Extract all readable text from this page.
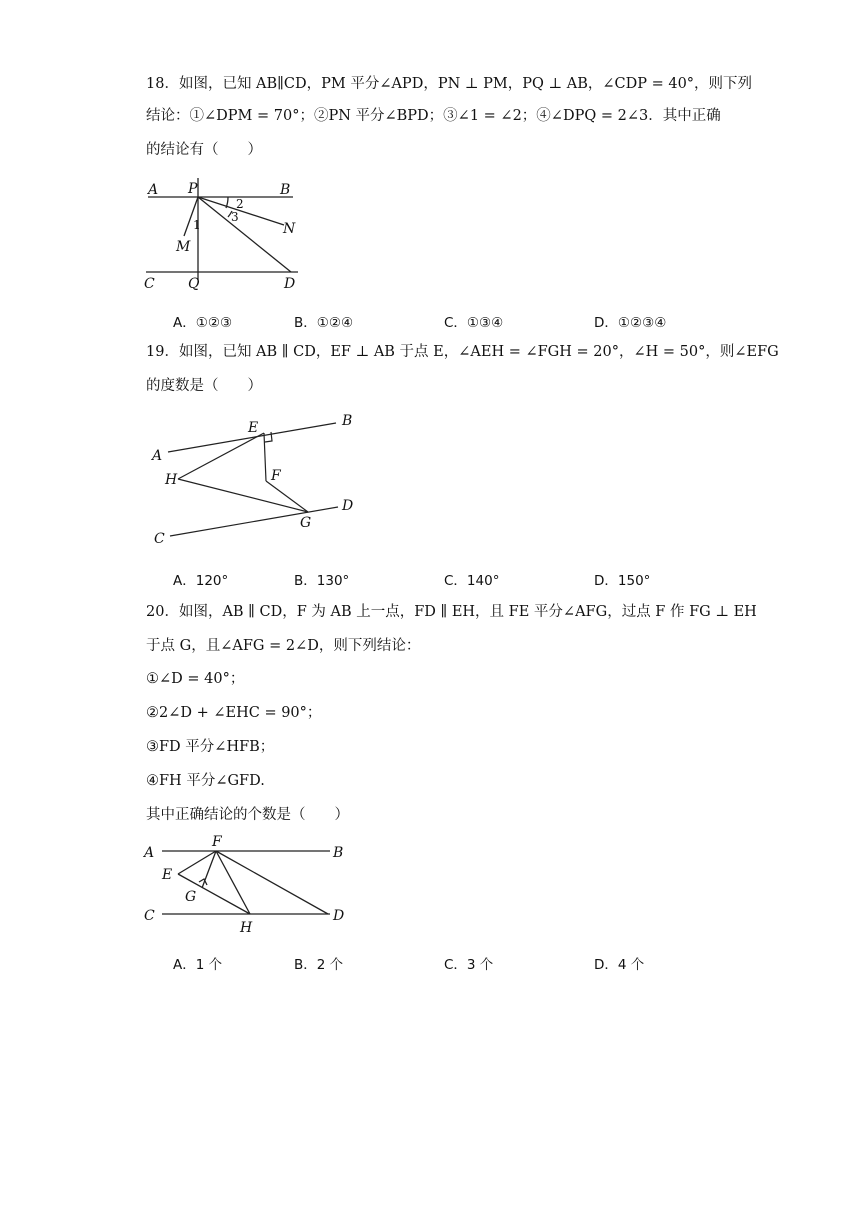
18．如图，已知 AB∥CD，PM 平分∠APD，PN ⊥ PM，PQ ⊥ AB，∠CDP = 40°，则下列
结论：①∠DPM = 70°；②PN 平分∠BPD；③∠1 = ∠2；④∠DPQ = 2∠3．其中正确
的结论有（　　）
A P	B
2
3
1	N
M
C Q	D
A．①②③	B．①②④	C．①③④	D．①②③④
19．如图，已知 AB ∥ CD，EF ⊥ AB 于点 E，∠AEH = ∠FGH = 20°，∠H = 50°，则∠EFG
的度数是（　　）
E	B
A
H	F
D
G
C
A．120°	B．130°	C．140°	D．150°
20．如图，AB ∥ CD，F 为 AB 上一点，FD ∥ EH，且 FE 平分∠AFG，过点 F 作 FG ⊥ EH
于点 G，且∠AFG = 2∠D，则下列结论：
①∠D = 40°；
②2∠D + ∠EHC = 90°；
③FD 平分∠HFB；
④FH 平分∠GFD.
其中正确结论的个数是（　　）
F
A	B
E
G
C	D
H
A．1 个	B．2 个	C．3 个	D．4 个
